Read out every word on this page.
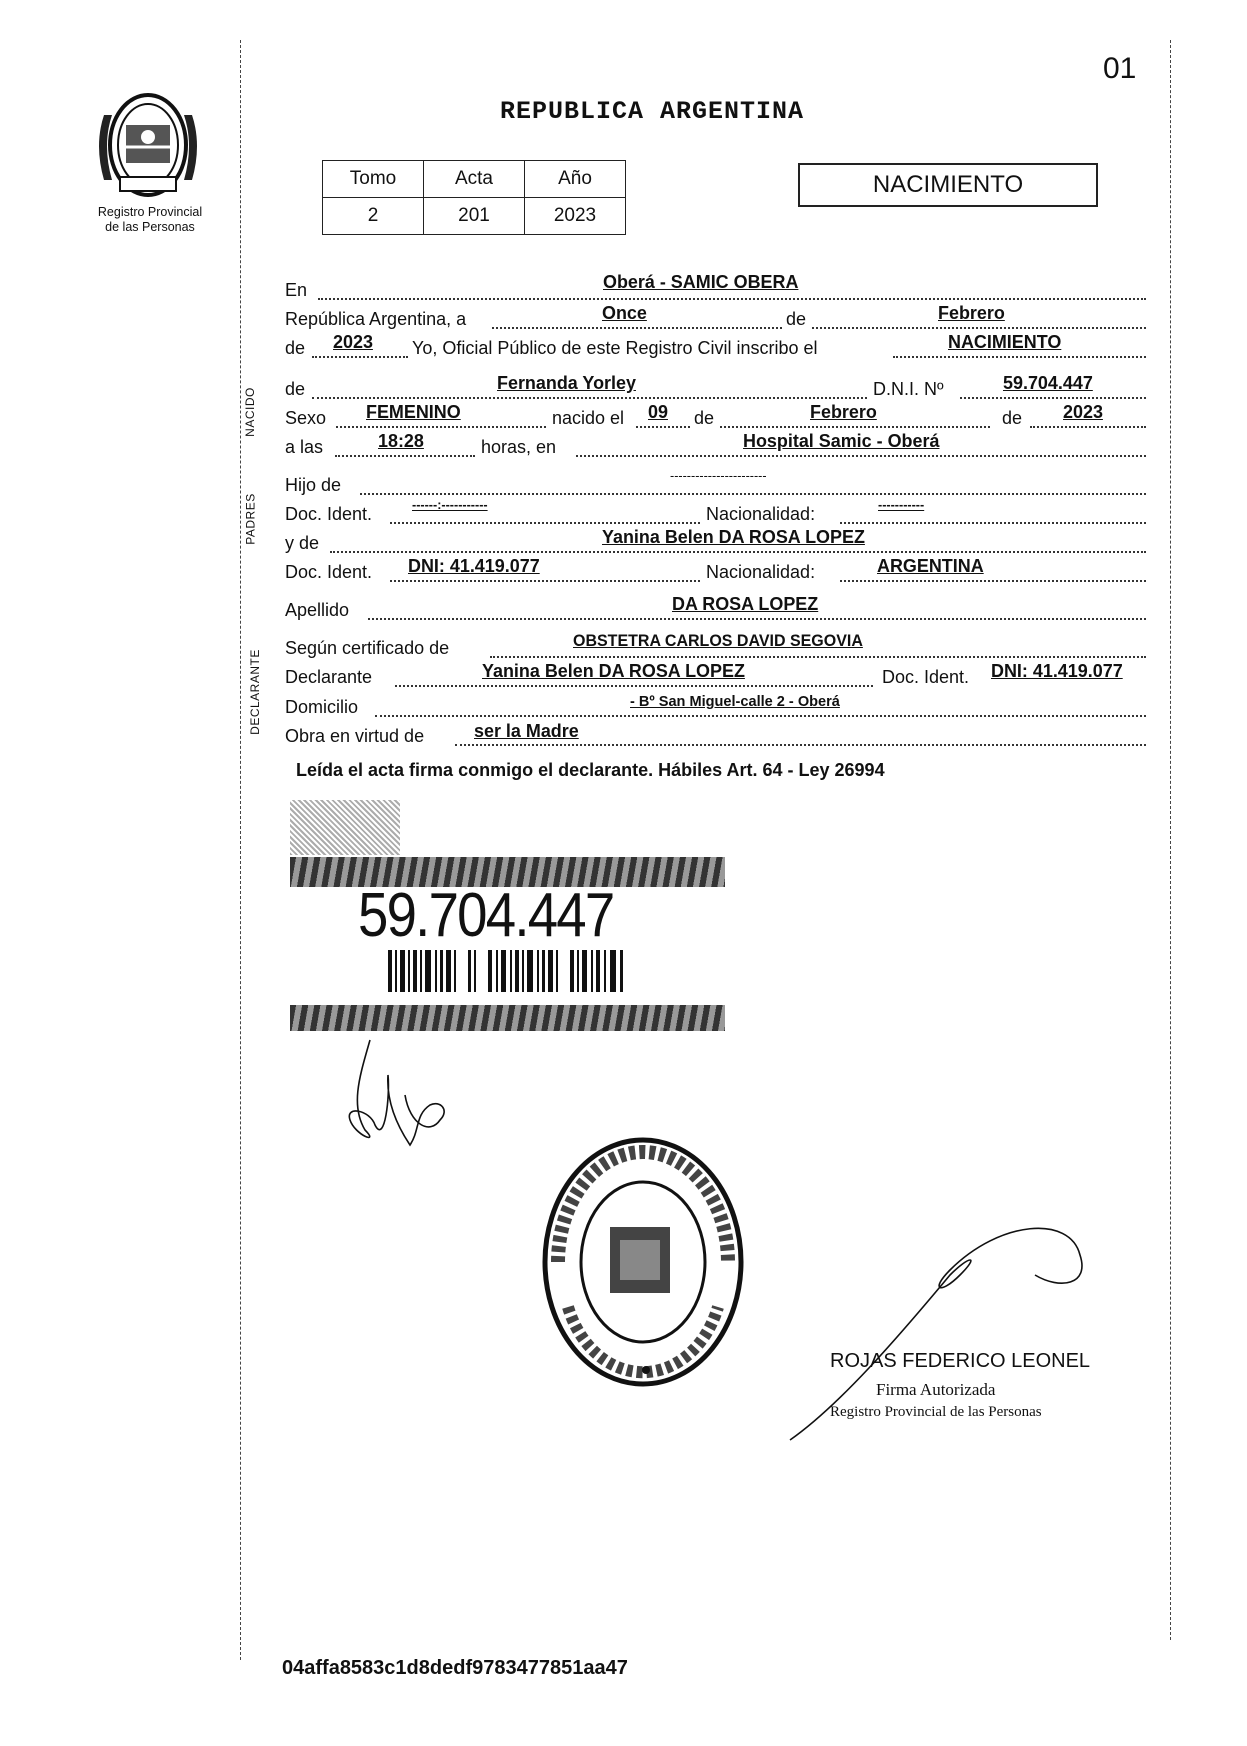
01
Registro Provincial
de las Personas
REPUBLICA ARGENTINA
Tomo	Acta	Año
2	201	2023
NACIMIENTO
NACIDO
PADRES
DECLARANTE
En	Oberá - SAMIC OBERA
República Argentina, a	Once	de	Febrero
de 2023 Yo, Oficial Público de este Registro Civil inscribo el	NACIMIENTO
de	Fernanda Yorley	D.N.I. Nº	59.704.447
Sexo FEMENINO	nacido el 09 de	Febrero	de 2023
a las	18:28	horas, en	Hospital Samic - Oberá
Hijo de	-----------------------
Doc. Ident.	------:-----------	Nacionalidad:	-----------
y de	Yanina Belen DA ROSA LOPEZ
Doc. Ident. DNI: 41.419.077	Nacionalidad:	ARGENTINA
Apellido	DA ROSA LOPEZ
Según certificado de	OBSTETRA CARLOS DAVID SEGOVIA
Declarante	Yanina Belen DA ROSA LOPEZ	Doc. Ident. DNI: 41.419.077
Domicilio	- Bº San Miguel-calle 2 - Oberá
Obra en virtud de	ser la Madre
Leída el acta firma conmigo el declarante. Hábiles Art. 64 - Ley 26994
59.704.447
ROJAS FEDERICO LEONEL
Firma Autorizada
Registro Provincial de las Personas
04affa8583c1d8dedf9783477851aa47
